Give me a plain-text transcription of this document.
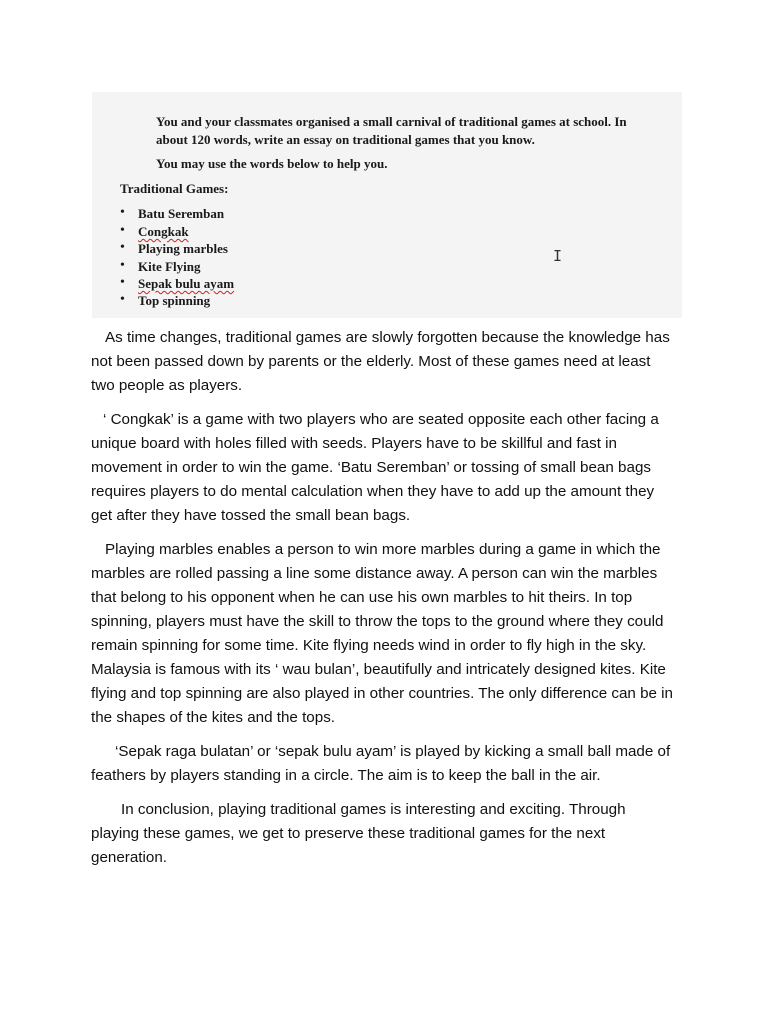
You and your classmates organised a small carnival of traditional games at school. In
about 120 words, write an essay on traditional games that you know.
You may use the words below to help you.
Traditional Games:
• Batu Seremban
• Congkak
• Playing marbles
• Kite Flying
• Sepak bulu ayam
• Top spinning
I

As time changes, traditional games are slowly forgotten because the knowledge has not been passed down by parents or the elderly. Most of these games need at least two people as players.

‘ Congkak’ is a game with two players who are seated opposite each other facing a unique board with holes filled with seeds. Players have to be skillful and fast in movement in order to win the game. ‘Batu Seremban’ or tossing of small bean bags requires players to do mental calculation when they have to add up the amount they get after they have tossed the small bean bags.

Playing marbles enables a person to win more marbles during a game in which the marbles are rolled passing a line some distance away. A person can win the marbles that belong to his opponent when he can use his own marbles to hit theirs. In top spinning, players must have the skill to throw the tops to the ground where they could remain spinning for some time. Kite flying needs wind in order to fly high in the sky. Malaysia is famous with its ‘ wau bulan’, beautifully and intricately designed kites. Kite flying and top spinning are also played in other countries. The only difference can be in the shapes of the kites and the tops.

‘Sepak raga bulatan’ or ‘sepak bulu ayam’ is played by kicking a small ball made of feathers by players standing in a circle. The aim is to keep the ball in the air.

In conclusion, playing traditional games is interesting and exciting. Through playing these games, we get to preserve these traditional games for the next generation.
